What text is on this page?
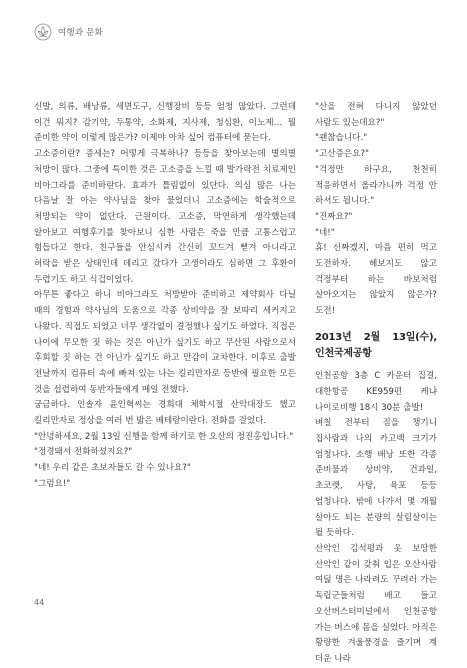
여행과 문화

신발, 의류, 배낭류, 세면도구, 신행장비 등등 엄청 많았다. 그런데 이건 뭐지? 감기약, 두통약, 소화제, 지사제, 청심환, 이노제… 뭘 준비한 약이 이렇게 많은가? 이제야 아차 싶어 컴퓨터에 묻는다.

고소증이란? 증세는? 어떻게 극복하나? 등등을 찾아보는데 별의별 처방이 많다. 그중에 특이한 것은 고소증을 느낄 때 발가락전 치료제인 비아그라를 준비하란다. 효과가 틀림없이 있단다. 의심 많은 나는 다음날 잘 아는 약사님을 찾아 물었더니 고소증에는 학술적으로 처방되는 약이 없단다. 근원이다. 고소증, 막연하게 생각했는데 알아보고 여행후기를 찾아보니 심한 사람은 죽을 만큼 고통스럽고 힘듭다고 한다. 친구들을 안심시켜 간신히 꼬드겨 뻗겨 아니라고 허락을 받은 상태인데 데리고 갔다가 고생이라도 심하면 그 후환이 두렵기도 하고 식겁이었다.

아무튼 좋다고 하니 비아그라도 처방받아 준비하고 제약회사 다닐 때의 경험과 약사님의 도움으로 각종 상비약을 잘 보따리 세커지고 나왔다. 직접도 되었고 너무 생각없이 결정했나 싶기도 하였다. 직접은 나이에 무모한 짓 하는 것은 아닌가 싶기도 하고 무산된 사람으로서 후회할 짓 하는 건 아닌가 싶기도 하고 만감이 교차한다. 이후로 출발 전날까지 컴퓨터 속에 빠져 있는 나는 킬리만자로 등반에 필요한 모든 것을 섭렵하여 동반자들에게 메일 전했다.

궁금하다. 인솔자 윤인혁씨는 경희대 체학시절 산악대장도 했고 킬리만자로 정상을 여러 번 밟은 베테랑이란다. 전화를 걸었다.

"안녕하세요, 2월 13일 신행을 함께 하기로 한 오산의 정진홍입니다."

"정경돼서 전화하셨지요?"

"네! 우리 같은 초보자들도 갈 수 있나요?"

"그럼요!"

"산을 전혀 다니지 않았던 사람도 있는데요?"

"괜찮습니다."

"고산증은요?"

"걱정만 하구요, 천천히 적응하면서 올라가니까 걱정 안 하셔도 됩니다."

"진짜요?"

"네!"

휴! 신짜겠지, 마음 편히 먹고 도전하자. 헤보지도 않고 걱정부터 하는 바보처럼 살아오지는 않았지 않은가? 도전!

2013년 2월 13일(수), 인천국제공항

인천공항 3층 C 카운터 집결, 대한항공 KE959편 케냐 나이로비행 18시 30분 출발!

벼칠 전부터 짐을 챙기니 집사람과 나의 카고백 크기가 엄청나다. 소행 배낭 또한 각종 준비물과 상비약, 건과일, 초코렛, 사탕, 육포 등등 엄청나다. 밖에 나가서 몇 개월 살아도 되는 분량의 살림살이는 될 듯하다.

산악인 김석평과 옷 보땅한 산악인 같이 갖춰 입은 오산사람 여덟 명은 나라려도 꾸려러 가는 독립군들처럼 배고 들고 오산버스터미널에서 인천공항 가는 버스에 몸을 실었다. 아직은 황량한 겨울풍경을 즐기며 계 더운 나라

44
